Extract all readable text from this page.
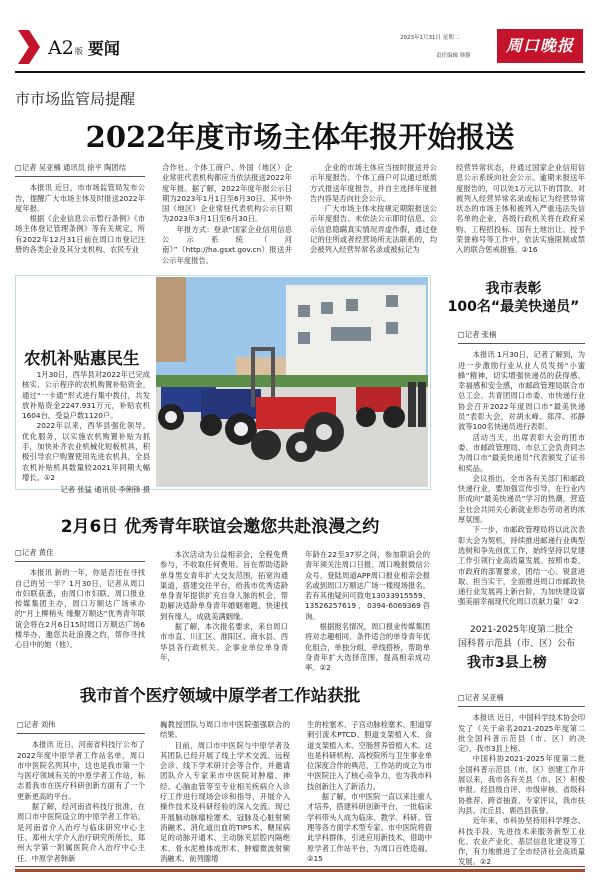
A2版 要闻
2023年1月31日 星期二
责任编辑 韩静
周口晚报
市市场监管局提醒
2022年度市场主体年报开始报送
□记者 吴亚楠 通讯员 徐平 陶团结

本报讯 近日，市市场监管局发布公告，提醒广大市场主体及时报送2022年度年报。

根据《企业信息公示暂行条例》《市场主体登记管理条例》等有关规定，所有2022年12月31日前在周口市登记注册的各类企业及其分支机构、农民专业

合作社、个体工商户、外国（地区）企业常驻代表机构都应当依法报送2022年度年报。据了解，2022年度年报公示日期为2023年1月1日至6月30日。其中外国（地区）企业常驻代表机构公示日期为2023年3月1日至6月30日。

年报方式：登录“国家企业信用信息公示系统（河南）”（http://ha.gsxt.gov.cn）报送并公示年度报告。

企业的市场主体应当按时报送并公示年度报告。个体工商户可以通过纸质方式报送年度报告，并自主选择年度报告内容是否向社会公示。

广大市场主体未按规定期限报送公示年度报告、未依法公示即时信息、公示信息隐瞒真实情况弄虚作假，通过登记的住所或者经营场所无法联系的，均会被列入经营异常名录或被标记为

经营异常状态，并通过国家企业信用信息公示系统向社会公示。逾期未报送年度报告的，可以处1万元以下的罚款。对被列入经营异常名录或标记为经营异常状态的市场主体和被列入严重违法失信名单的企业，各级行政机关将在政府采购、工程招投标、国有土地出让、授予荣誉称号等工作中，依法实施限制或禁入的联合惩戒措施。②16

农机补贴惠民生

1月30日，西华县对2022年已完成核实、公示程序的农机购置补贴资金，通过“一卡通”形式进行集中拨付，共发放补贴资金2247.931万元，补贴农机1604台，受益户数1120户。

2022年以来，西华县强化领导，优化服务，以实施农机购置补贴为抓手，加快补齐农业机械化短板机具，积极引导农户购置使用先进农机具，全县农机补贴机具数量较2021年同期大幅增长。①2

记者 张猛 通讯员 李俐锋 摄
我市表彰
100名“最美快递员”
□记者 张楠

本报讯 1月30日，记者了解到，为进一步激励行业从业人员发扬“小蜜蜂”精神，切实增强快递员的获得感、幸福感和安全感，市邮政管理局联合市总工会、共青团周口市委、市快递行业协会召开2022年度周口市“最美快递员”表彰大会，对胡永峰、郑萍、祁静波等100名快递员进行表彰。

活动当天，出席表彰大会的团市委、市邮政管理局、市总工会负责同志为周口市“最美快递员”代表颁发了证书和奖品。

会议指出，全市各有关部门和邮政快递行业，要加强宣传引导，在行业内形成向“最美快递员”学习的热潮，营造全社会共同关心新就业形态劳动者的浓厚氛围。

下一步，市邮政管理局将以此次表彰大会为契机，持续推进邮递行业典型选树和争先创优工作，始终坚持以党建工作引领行业高质量发展。按照市委、市政府的部署要求，团结一心、锐意进取、担当实干，全面推进周口市邮政快递行业发展再上新台阶，为加快建设富强美丽幸福现代化周口贡献力量！②2

2月6日 优秀青年联谊会邀您共赴浪漫之约
□记者 黄佳

本报讯 新的一年，你是否还在寻找自己的另一半？1月30日，记者从周口市妇联获悉，由周口市妇联、周口报业传媒集团主办，周口万顺达广场承办的“月上柳梢头 缘聚万顺达”优秀青年联谊会将在2月6日15时周口万顺达广场6楼举办，邀您共赴浪漫之约，帮你寻找心目中的她（他）。

本次活动为公益相亲会，全程免费参与，不收取任何费用。旨在帮助适龄单身男女青年扩大交友范围，拓宽沟通渠道，搭建交往平台，给我市优秀适龄单身青年提供扩充自身人脉的机会，帮助解决适龄单身青年婚姻难题，快速找到有缘人，成就美满姻缘。

据了解，本次报名要求，来自周口市市直、川汇区、淮阳区、商水县、西华县各行政机关、企事业单位单身青年，

年龄在22至37岁之间，参加联谊会的青年须关注周口日报、周口晚报微信公众号，登陆周道APP周口报业相亲会报名或到周口万顺达广场一楼现场报名。若有其他疑问可致电13033915559、13526257619、0394-6069369咨询。

根据报名情况，周口报业传媒集团将对志趣相同、条件适合的单身青年优化组合，单独分组，牵线搭桥，帮助单身青年扩大选择范围，提高相亲成功率。②2

2021-2025年度第二批全
国科普示范县（市、区）公布
我市3县上榜
□记者 吴亚楠

本报讯 近日，中国科学技术协会印发了《关于命名2021-2025年度第二批全国科普示范县（市、区）的决定》，我市3县上榜。

中国科协2021-2025年度第二批全国科普示范县（市、区）创建工作开展以来，我市各有关县（市、区）积极申报。经县级自评、市级审核、省级科协推荐、跨省抽查、专家评议，我市扶沟县、沈丘县、鹿邑县获誉。

近年来，市科协坚持用科学理念、科技手段、先进技术来服务新型工业化、农业产业化、基层信息化建设等工作，有力地推进了全市经济社会高质量发展。②2

我市首个医疗领域中原学者工作站获批
□记者 刘伟

本报讯 近日，河南省科技厅公布了2022年度中原学者工作站名单，周口市中医院名列其中，这也是我市第一个与医疗领域有关的中原学者工作站，标志着我市在医疗科研创新方面有了一个更新更高的平台。

据了解，经河南省科技厅批准，在周口市中医院设立的中原学者工作站，是河南省介入治疗与临床研究中心主任、郑州大学介入治疗研究所所长、郑州大学第一附属医院介入治疗中心主任、中原学者韩新

巍教授团队与周口市中医院强强联合的结果。

目前，周口市中医院与中原学者及其团队已经开展了线上学术交流、远程会诊、线下学术研讨会等合作，并邀请团队介入专家来市中医院对肿瘤、神经、心脑血管等至专业相关疾病介入诊疗工作进行现场会诊和指导，开展介入操作技术及科研经验的深入交流。现已开展脑动脉瘤栓塞术、冠脉及心脏射频消融术、消化道出血的TIPS术、糖尿病足的动脉开通术、主动脉夹层腔内隔绝术、骨水泥椎体成形术、肿瘤微波射频消融术、前列腺增

生的栓塞术、子宫动脉栓塞术、胆道穿刺引流术PTCD、胆道支架植入术、食道支架植入术、空肠营养管植入术。这也是科研机构、高校院所与卫生事业单位深度合作的典范，工作站的成立为市中医院注入了核心竞争力，也为我市科技创新注入了新活力。

据了解，市中医院一直以来注重人才培养，搭建科研创新平台，一批临床学科带头人成为临床、教学、科研、管理等各方面学术型专家。市中医院将借此学科群体，引进应用新技术，借助中原学者工作站平台，为周口百姓造福。②15
